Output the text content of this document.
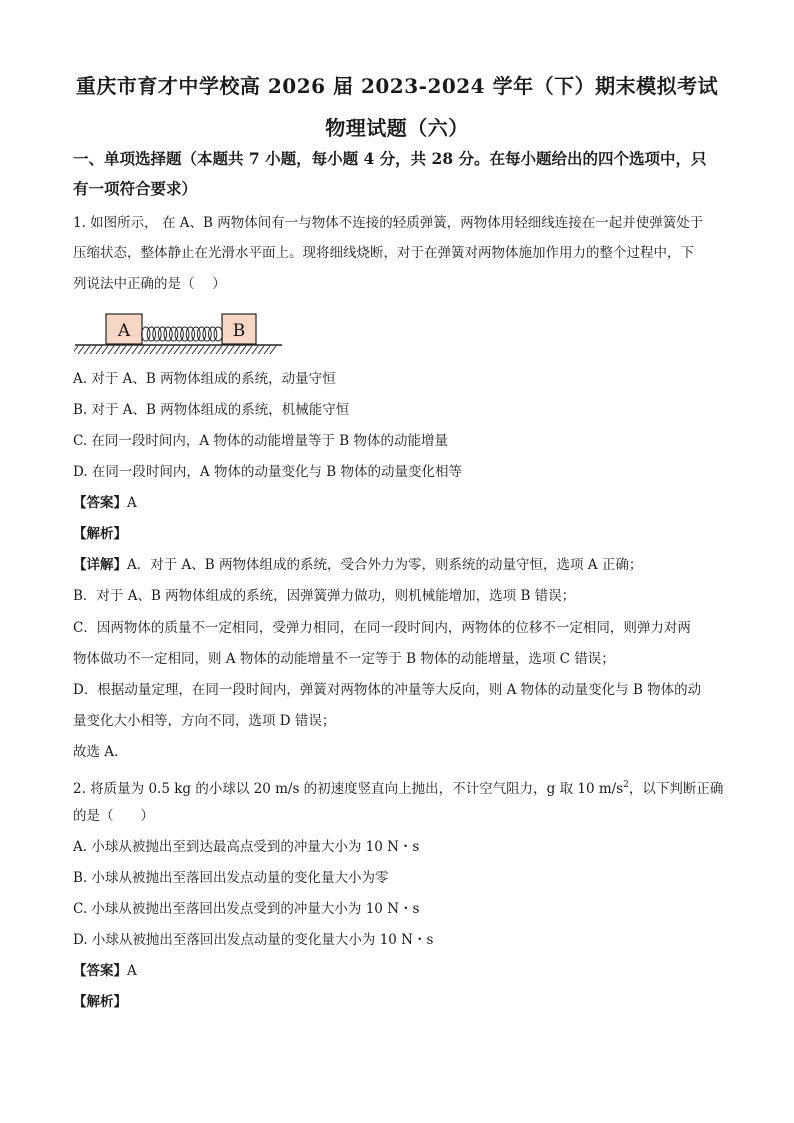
重庆市育才中学校高 2026 届 2023-2024 学年（下）期末模拟考试
物理试题（六）
一、单项选择题（本题共 7 小题，每小题 4 分，共 28 分。在每小题给出的四个选项中，只
有一项符合要求）
1. 如图所示， 在 A、B 两物体间有一与物体不连接的轻质弹簧，两物体用轻细线连接在一起并使弹簧处于
压缩状态，整体静止在光滑水平面上。现将细线烧断，对于在弹簧对两物体施加作用力的整个过程中，下
列说法中正确的是（　 ）
A	B
A. 对于 A、B 两物体组成的系统，动量守恒
B. 对于 A、B 两物体组成的系统，机械能守恒
C. 在同一段时间内，A 物体的动能增量等于 B 物体的动能增量
D. 在同一段时间内，A 物体的动量变化与 B 物体的动量变化相等
【答案】A
【解析】
【详解】A．对于 A、B 两物体组成的系统，受合外力为零，则系统的动量守恒，选项 A 正确；
B．对于 A、B 两物体组成的系统，因弹簧弹力做功，则机械能增加，选项 B 错误；
C．因两物体的质量不一定相同，受弹力相同，在同一段时间内，两物体的位移不一定相同，则弹力对两
物体做功不一定相同，则 A 物体的动能增量不一定等于 B 物体的动能增量，选项 C 错误；
D．根据动量定理，在同一段时间内，弹簧对两物体的冲量等大反向，则 A 物体的动量变化与 B 物体的动
量变化大小相等，方向不同，选项 D 错误；
故选 A.
2. 将质量为 0.5 kg 的小球以 20 m/s 的初速度竖直向上抛出，不计空气阻力，g 取 10 $m/s^2$，以下判断正确
的是（　　）
A. 小球从被抛出至到达最高点受到的冲量大小为 10 N・s
B. 小球从被抛出至落回出发点动量的变化量大小为零
C. 小球从被抛出至落回出发点受到的冲量大小为 10 N・s
D. 小球从被抛出至落回出发点动量的变化量大小为 10 N・s
【答案】A
【解析】
